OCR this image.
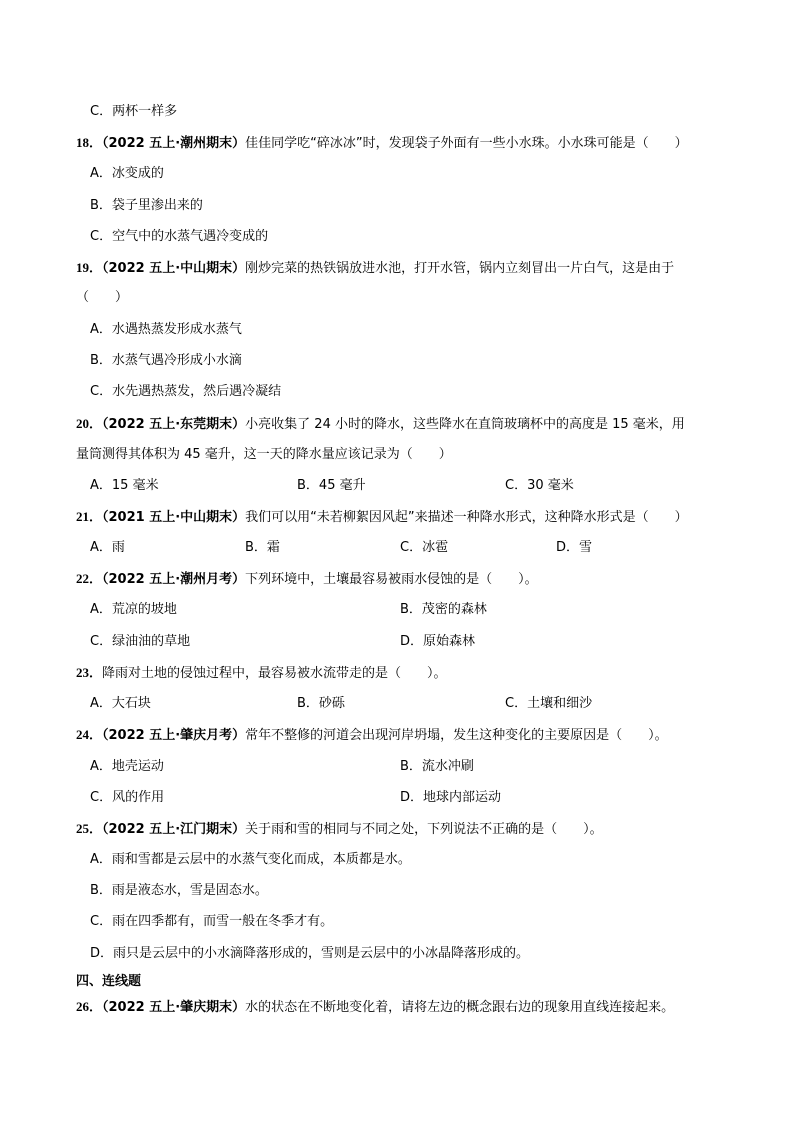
C．两杯一样多
18．（2022 五上·潮州期末）佳佳同学吃“碎冰冰”时，发现袋子外面有一些小水珠。小水珠可能是（　　）
A．冰变成的
B．袋子里渗出来的
C．空气中的水蒸气遇冷变成的
19．（2022 五上·中山期末）刚炒完菜的热铁锅放进水池，打开水管，锅内立刻冒出一片白气，这是由于
（　　）
A．水遇热蒸发形成水蒸气
B．水蒸气遇冷形成小水滴
C．水先遇热蒸发，然后遇冷凝结
20．（2022 五上·东莞期末）小亮收集了 24 小时的降水，这些降水在直筒玻璃杯中的高度是 15 毫米，用
量筒测得其体积为 45 毫升，这一天的降水量应该记录为（　　）
A．15 毫米	B．45 毫升	C．30 毫米
21．（2021 五上·中山期末）我们可以用“未若柳絮因风起”来描述一种降水形式，这种降水形式是（　　）
A．雨	B．霜	C．冰雹	D．雪
22．（2022 五上·潮州月考）下列环境中，土壤最容易被雨水侵蚀的是（　　）。
A．荒凉的坡地	B．茂密的森林
C．绿油油的草地	D．原始森林
23．降雨对土地的侵蚀过程中，最容易被水流带走的是（　　）。
A．大石块	B．砂砾	C．土壤和细沙
24．（2022 五上·肇庆月考）常年不整修的河道会出现河岸坍塌，发生这种变化的主要原因是（　　）。
A．地壳运动	B．流水冲刷
C．风的作用	D．地球内部运动
25．（2022 五上·江门期末）关于雨和雪的相同与不同之处，下列说法不正确的是（　　）。
A．雨和雪都是云层中的水蒸气变化而成，本质都是水。
B．雨是液态水，雪是固态水。
C．雨在四季都有，而雪一般在冬季才有。
D．雨只是云层中的小水滴降落形成的，雪则是云层中的小冰晶降落形成的。
四、连线题
26．（2022 五上·肇庆期末）水的状态在不断地变化着，请将左边的概念跟右边的现象用直线连接起来。
